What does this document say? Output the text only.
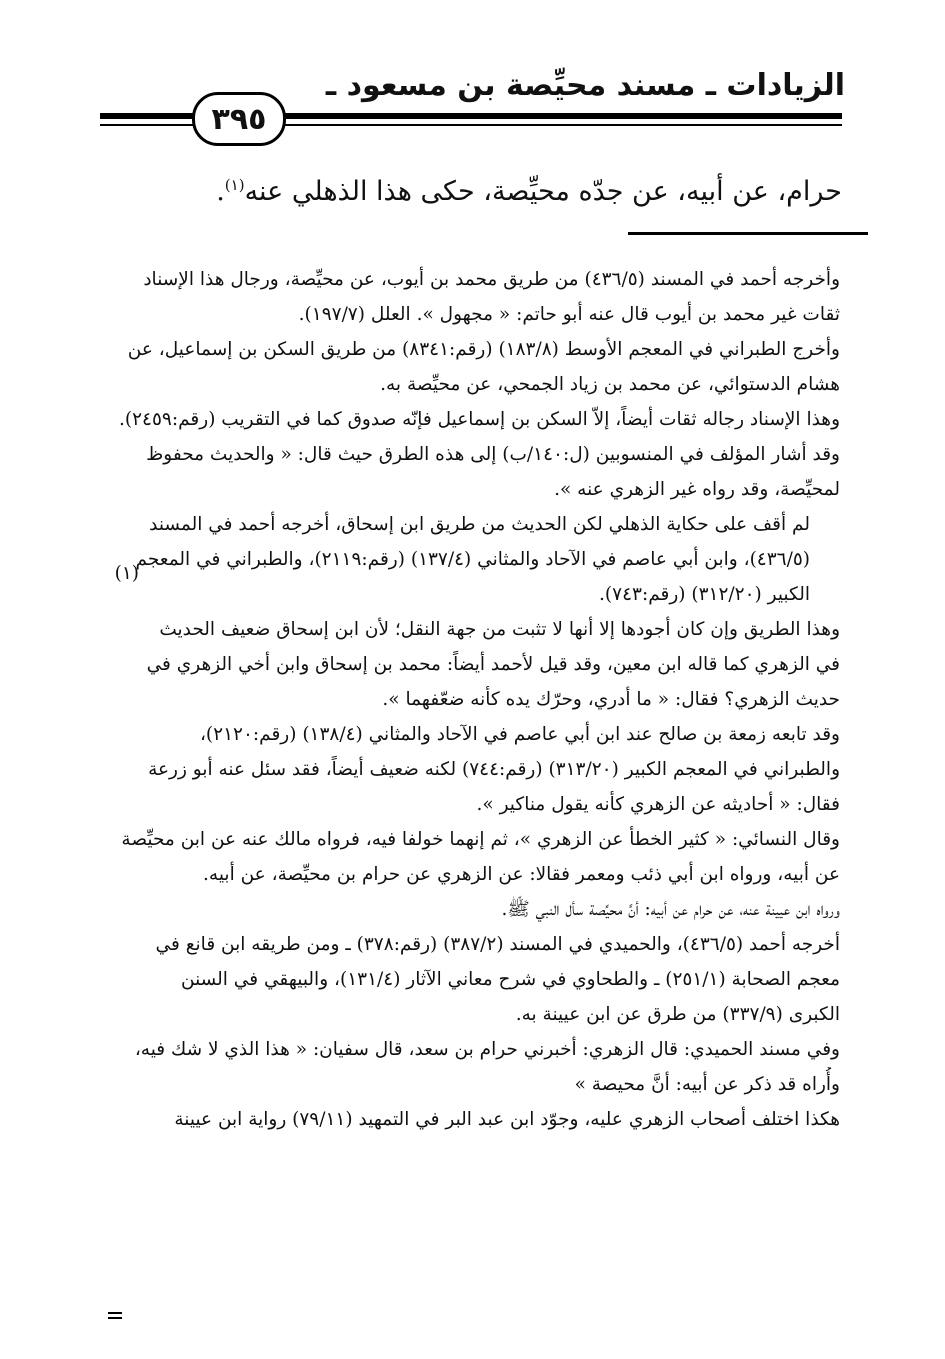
الزيادات ـ مسند محيِّصة بن مسعود ـ
٣٩٥
حرام، عن أبيه، عن جدّه محيِّصة، حكى هذا الذهلي عنه$^{(١)}$.
(١)
وأخرجه أحمد في المسند (٤٣٦/٥) من طريق محمد بن أيوب، عن محيِّصة، ورجال هذا الإسناد
ثقات غير محمد بن أيوب قال عنه أبو حاتم: « مجهول ». العلل (١٩٧/٧).
وأخرج الطبراني في المعجم الأوسط (١٨٣/٨) (رقم:٨٣٤١) من طريق السكن بن إسماعيل، عن
هشام الدستوائي، عن محمد بن زياد الجمحي، عن محيِّصة به.
وهذا الإسناد رجاله ثقات أيضاً، إلاّ السكن بن إسماعيل فإنّه صدوق كما في التقريب (رقم:٢٤٥٩).
وقد أشار المؤلف في المنسوبين (ل:١٤٠/ب) إلى هذه الطرق حيث قال: « والحديث محفوظ
لمحيِّصة، وقد رواه غير الزهري عنه ».
لم أقف على حكاية الذهلي لكن الحديث من طريق ابن إسحاق، أخرجه أحمد في المسند
(٤٣٦/٥)، وابن أبي عاصم في الآحاد والمثاني (١٣٧/٤) (رقم:٢١١٩)، والطبراني في المعجم
الكبير (٣١٢/٢٠) (رقم:٧٤٣).
وهذا الطريق وإن كان أجودها إلا أنها لا تثبت من جهة النقل؛ لأن ابن إسحاق ضعيف الحديث
في الزهري كما قاله ابن معين، وقد قيل لأحمد أيضاً: محمد بن إسحاق وابن أخي الزهري في
حديث الزهري؟ فقال: « ما أدري، وحرّك يده كأنه ضعّفهما ».
وقد تابعه زمعة بن صالح عند ابن أبي عاصم في الآحاد والمثاني (١٣٨/٤) (رقم:٢١٢٠)،
والطبراني في المعجم الكبير (٣١٣/٢٠) (رقم:٧٤٤) لكنه ضعيف أيضاً، فقد سئل عنه أبو زرعة
فقال: « أحاديثه عن الزهري كأنه يقول مناكير ».
وقال النسائي: « كثير الخطأ عن الزهري »، ثم إنهما خولفا فيه، فرواه مالك عنه عن ابن محيِّصة
عن أبيه، ورواه ابن أبي ذئب ومعمر فقالا: عن الزهري عن حرام بن محيِّصة، عن أبيه.
ورواه ابن عيينة عنه، عن حرام عن أبيه: أنَّ محيِّصة سأل النبي ﷺ.
أخرجه أحمد (٤٣٦/٥)، والحميدي في المسند (٣٨٧/٢) (رقم:٣٧٨) ـ ومن طريقه ابن قانع في
معجم الصحابة (٢٥١/١) ـ والطحاوي في شرح معاني الآثار (١٣١/٤)، والبيهقي في السنن
الكبرى (٣٣٧/٩) من طرق عن ابن عيينة به.
وفي مسند الحميدي: قال الزهري: أخبرني حرام بن سعد، قال سفيان: « هذا الذي لا شك فيه،
وأُراه قد ذكر عن أبيه: أنَّ محيصة »
هكذا اختلف أصحاب الزهري عليه، وجوّد ابن عبد البر في التمهيد (٧٩/١١) رواية ابن عيينة
